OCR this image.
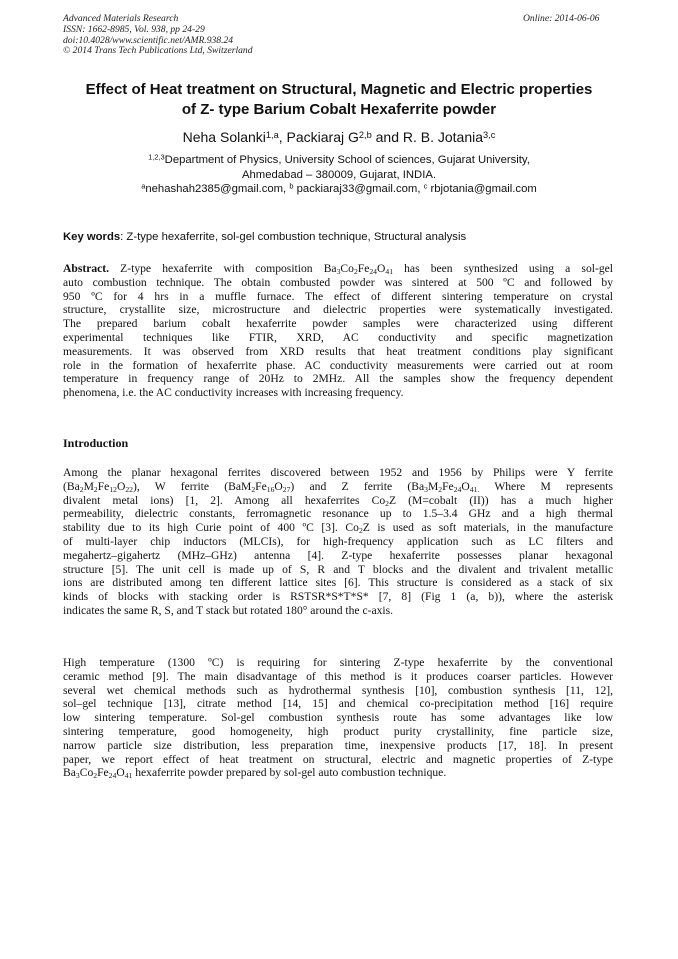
Advanced Materials Research
ISSN: 1662-8985, Vol. 938, pp 24-29
doi:10.4028/www.scientific.net/AMR.938.24
© 2014 Trans Tech Publications Ltd, Switzerland
Online: 2014-06-06
Effect of Heat treatment on Structural, Magnetic and Electric properties
of Z- type Barium Cobalt Hexaferrite powder
Neha Solanki$^{1,a}$, Packiaraj G$^{2,b}$ and R. B. Jotania$^{3,c}$
$^{1,2,3}$Department of Physics, University School of sciences, Gujarat University,
Ahmedabad – 380009, Gujarat, INDIA.
$^a$nehashah2385@gmail.com, $^b$ packiaraj33@gmail.com, $^c$ rbjotania@gmail.com
Key words: Z-type hexaferrite, sol-gel combustion technique, Structural analysis
Abstract. Z-type hexaferrite with composition $Ba_3Co_2Fe_{24}O_{41}$ has been synthesized using a sol-gel
auto combustion technique. The obtain combusted powder was sintered at 500 ºC and followed by
950 ºC for 4 hrs in a muffle furnace. The effect of different sintering temperature on crystal
structure, crystallite size, microstructure and dielectric properties were systematically investigated.
The prepared barium cobalt hexaferrite powder samples were characterized using different
experimental techniques like FTIR, XRD, AC conductivity and specific magnetization
measurements. It was observed from XRD results that heat treatment conditions play significant
role in the formation of hexaferrite phase. AC conductivity measurements were carried out at room
temperature in frequency range of 20Hz to 2MHz. All the samples show the frequency dependent
phenomena, i.e. the AC conductivity increases with increasing frequency.
Introduction
Among the planar hexagonal ferrites discovered between 1952 and 1956 by Philips were Y ferrite
$(Ba_2M_2Fe_{12}O_{22})$, W ferrite $(BaM_2Fe_{16}O_{27})$ and Z ferrite ($Ba_3M_2Fe_{24}O_{41.}$ Where M represents
divalent metal ions) [1, 2]. Among all hexaferrites $Co_2Z$ (M=cobalt (II)) has a much higher
permeability, dielectric constants, ferromagnetic resonance up to 1.5–3.4 GHz and a high thermal
stability due to its high Curie point of 400 ºC [3]. $Co_2Z$ is used as soft materials, in the manufacture
of multi-layer chip inductors (MLCIs), for high-frequency application such as LC filters and
megahertz–gigahertz (MHz–GHz) antenna [4]. Z-type hexaferrite possesses planar hexagonal
structure [5]. The unit cell is made up of S, R and T blocks and the divalent and trivalent metallic
ions are distributed among ten different lattice sites [6]. This structure is considered as a stack of six
kinds of blocks with stacking order is RSTSR*S*T*S* [7, 8] (Fig 1 (a, b)), where the asterisk
indicates the same R, S, and T stack but rotated 180° around the c-axis.
High temperature (1300 ºC) is requiring for sintering Z-type hexaferrite by the conventional
ceramic method [9]. The main disadvantage of this method is it produces coarser particles. However
several wet chemical methods such as hydrothermal synthesis [10], combustion synthesis [11, 12],
sol–gel technique [13], citrate method [14, 15] and chemical co-precipitation method [16] require
low sintering temperature. Sol-gel combustion synthesis route has some advantages like low
sintering temperature, good homogeneity, high product purity crystallinity, fine particle size,
narrow particle size distribution, less preparation time, inexpensive products [17, 18]. In present
paper, we report effect of heat treatment on structural, electric and magnetic properties of Z-type
$Ba_3Co_2Fe_{24}O_{41}$ hexaferrite powder prepared by sol-gel auto combustion technique.
